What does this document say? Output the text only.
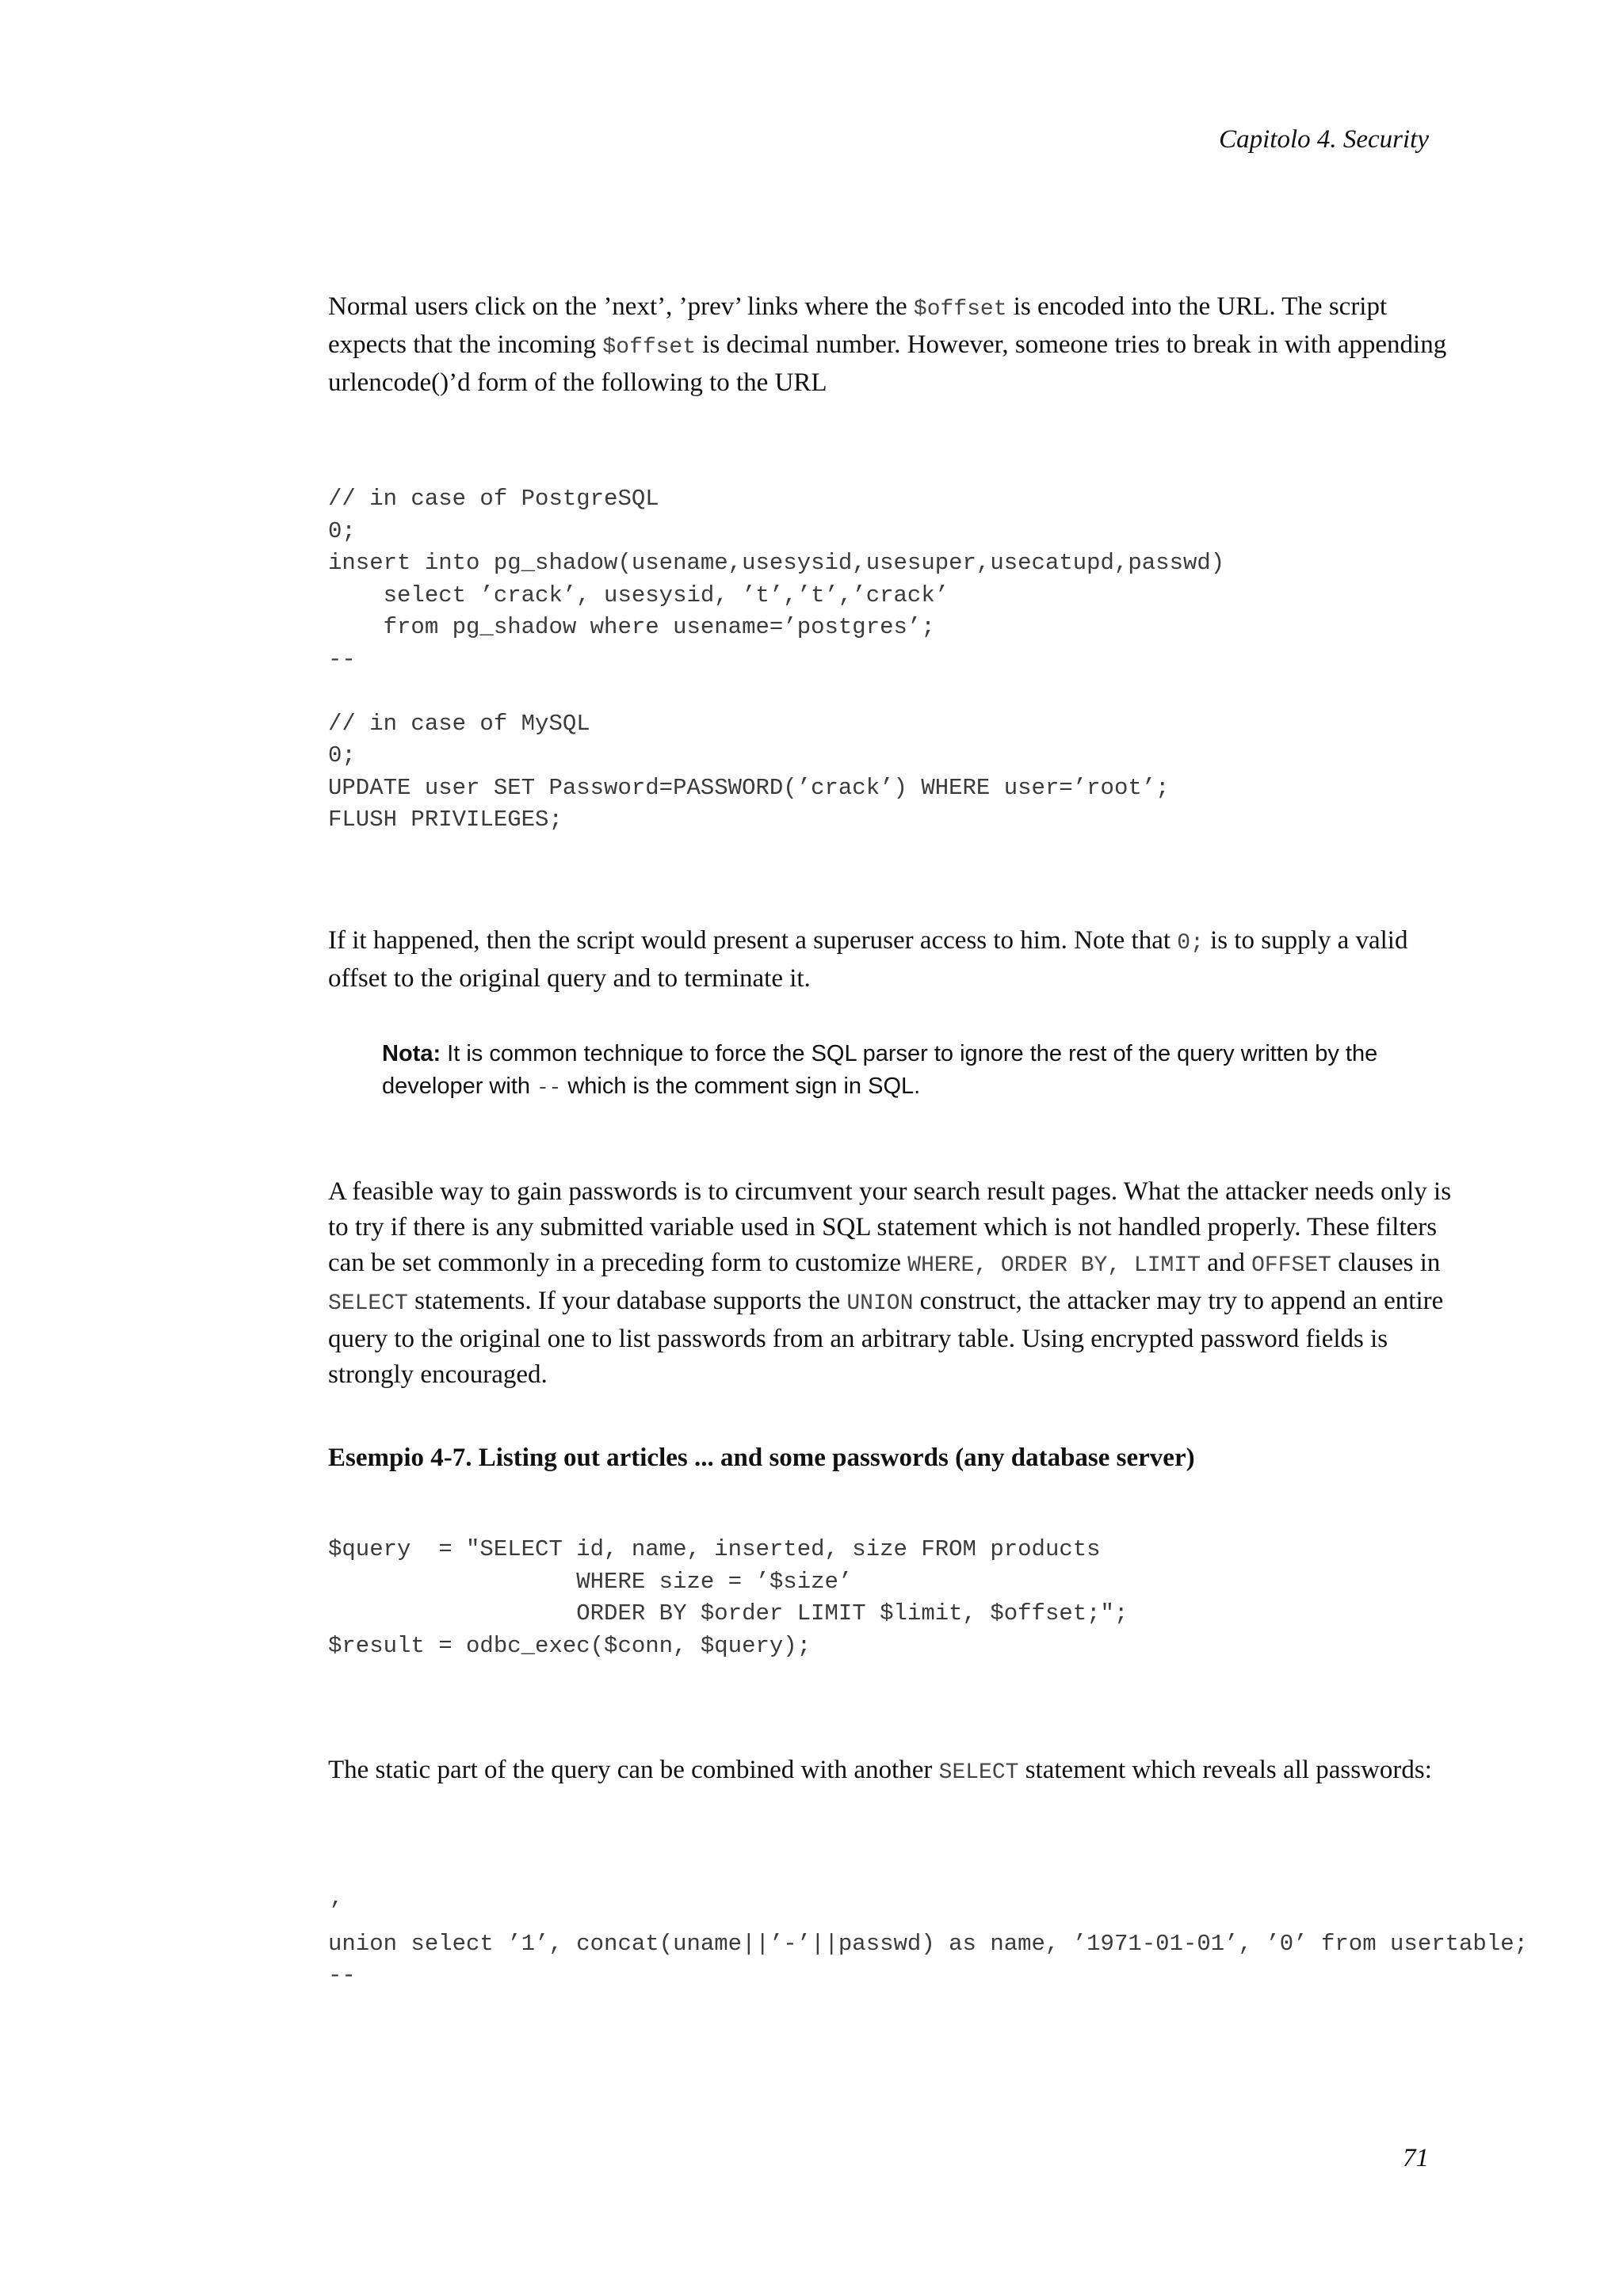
Capitolo 4. Security

Normal users click on the ’next’, ’prev’ links where the $offset is encoded into the URL. The script expects that the incoming $offset is decimal number. However, someone tries to break in with appending urlencode()’d form of the following to the URL

// in case of PostgreSQL
0;
insert into pg_shadow(usename,usesysid,usesuper,usecatupd,passwd)
select ’crack’, usesysid, ’t’,’t’,’crack’
from pg_shadow where usename=’postgres’;
--

// in case of MySQL
0;
UPDATE user SET Password=PASSWORD(’crack’) WHERE user=’root’;
FLUSH PRIVILEGES;

If it happened, then the script would present a superuser access to him. Note that 0; is to supply a valid offset to the original query and to terminate it.

Nota: It is common technique to force the SQL parser to ignore the rest of the query written by the developer with -- which is the comment sign in SQL.

A feasible way to gain passwords is to circumvent your search result pages. What the attacker needs only is to try if there is any submitted variable used in SQL statement which is not handled properly. These filters can be set commonly in a preceding form to customize WHERE, ORDER BY, LIMIT and OFFSET clauses in SELECT statements. If your database supports the UNION construct, the attacker may try to append an entire query to the original one to list passwords from an arbitrary table. Using encrypted password fields is strongly encouraged.

Esempio 4-7. Listing out articles ... and some passwords (any database server)

$query  = "SELECT id, name, inserted, size FROM products
WHERE size = ’$size’
ORDER BY $order LIMIT $limit, $offset;";
$result = odbc_exec($conn, $query);

The static part of the query can be combined with another SELECT statement which reveals all passwords:

’
union select ’1’, concat(uname||’-’||passwd) as name, ’1971-01-01’, ’0’ from usertable;
--
71
